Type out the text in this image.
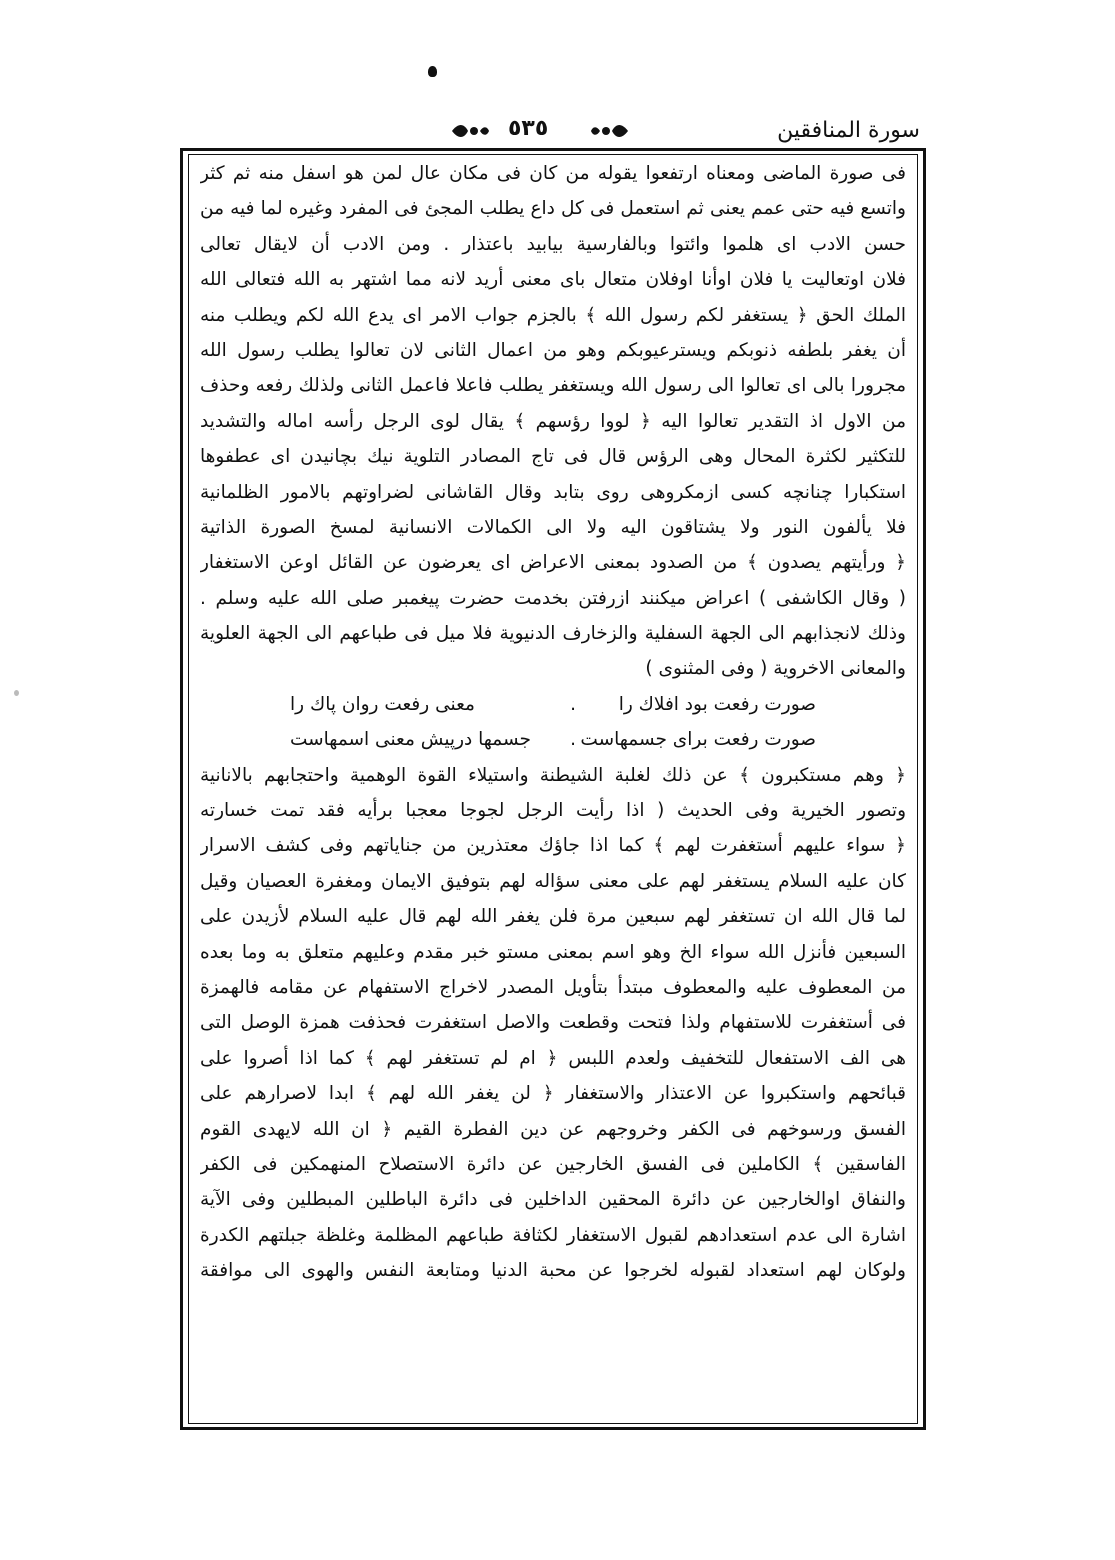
سورة المنافقين
٥٣٥
فى صورة الماضى ومعناه ارتفعوا يقوله من كان فى مكان عال لمن هو اسفل منه ثم كثر
واتسع فيه حتى عمم يعنى ثم استعمل فى كل داع يطلب المجئ فى المفرد وغيره لما فيه من
حسن الادب اى هلموا وائتوا وبالفارسية بيابيد باعتذار . ومن الادب أن لايقال تعالى
فلان اوتعاليت يا فلان اوأنا اوفلان متعال باى معنى أريد لانه مما اشتهر به الله فتعالى الله
الملك الحق ﴿ يستغفر لكم رسول الله ﴾ بالجزم جواب الامر اى يدع الله لكم ويطلب منه
أن يغفر بلطفه ذنوبكم ويسترعيوبكم وهو من اعمال الثانى لان تعالوا يطلب رسول الله
مجرورا بالى اى تعالوا الى رسول الله ويستغفر يطلب فاعلا فاعمل الثانى ولذلك رفعه وحذف
من الاول اذ التقدير تعالوا اليه ﴿ لووا رؤسهم ﴾ يقال لوى الرجل رأسه اماله والتشديد
للتكثير لكثرة المحال وهى الرؤس قال فى تاج المصادر التلوية نيك بچانيدن اى عطفوها
استكبارا چنانچه كسى ازمكروهى روى بتابد وقال القاشانى لضراوتهم بالامور الظلمانية
فلا يألفون النور ولا يشتاقون اليه ولا الى الكمالات الانسانية لمسخ الصورة الذاتية
﴿ ورأيتهم يصدون ﴾ من الصدود بمعنى الاعراض اى يعرضون عن القائل اوعن الاستغفار
( وقال الكاشفى ) اعراض ميكنند ازرفتن بخدمت حضرت پيغمبر صلى الله عليه وسلم .
وذلك لانجذابهم الى الجهة السفلية والزخارف الدنيوية فلا ميل فى طباعهم الى الجهة العلوية
والمعانى الاخروية ( وفى المثنوى )
صورت رفعت بود افلاك را
.
معنى رفعت روان پاك را
صورت رفعت براى جسمهاست
.
جسمها درپيش معنى اسمهاست
﴿ وهم مستكبرون ﴾ عن ذلك لغلبة الشيطنة واستيلاء القوة الوهمية واحتجابهم بالانانية
وتصور الخيرية وفى الحديث ( اذا رأيت الرجل لجوجا معجبا برأيه فقد تمت خسارته
﴿ سواء عليهم أستغفرت لهم ﴾ كما اذا جاؤك معتذرين من جناياتهم وفى كشف الاسرار
كان عليه السلام يستغفر لهم على معنى سؤاله لهم بتوفيق الايمان ومغفرة العصيان وقيل
لما قال الله ان تستغفر لهم سبعين مرة فلن يغفر الله لهم قال عليه السلام لأزيدن على
السبعين فأنزل الله سواء الخ وهو اسم بمعنى مستو خبر مقدم وعليهم متعلق به وما بعده
من المعطوف عليه والمعطوف مبتدأ بتأويل المصدر لاخراج الاستفهام عن مقامه فالهمزة
فى أستغفرت للاستفهام ولذا فتحت وقطعت والاصل استغفرت فحذفت همزة الوصل التى
هى الف الاستفعال للتخفيف ولعدم اللبس ﴿ ام لم تستغفر لهم ﴾ كما اذا أصروا على
قبائحهم واستكبروا عن الاعتذار والاستغفار ﴿ لن يغفر الله لهم ﴾ ابدا لاصرارهم على
الفسق ورسوخهم فى الكفر وخروجهم عن دين الفطرة القيم ﴿ ان الله لايهدى القوم
الفاسقين ﴾ الكاملين فى الفسق الخارجين عن دائرة الاستصلاح المنهمكين فى الكفر
والنفاق اوالخارجين عن دائرة المحقين الداخلين فى دائرة الباطلين المبطلين وفى الآية
اشارة الى عدم استعدادهم لقبول الاستغفار لكثافة طباعهم المظلمة وغلظة جبلتهم الكدرة
ولوكان لهم استعداد لقبوله لخرجوا عن محبة الدنيا ومتابعة النفس والهوى الى موافقة
